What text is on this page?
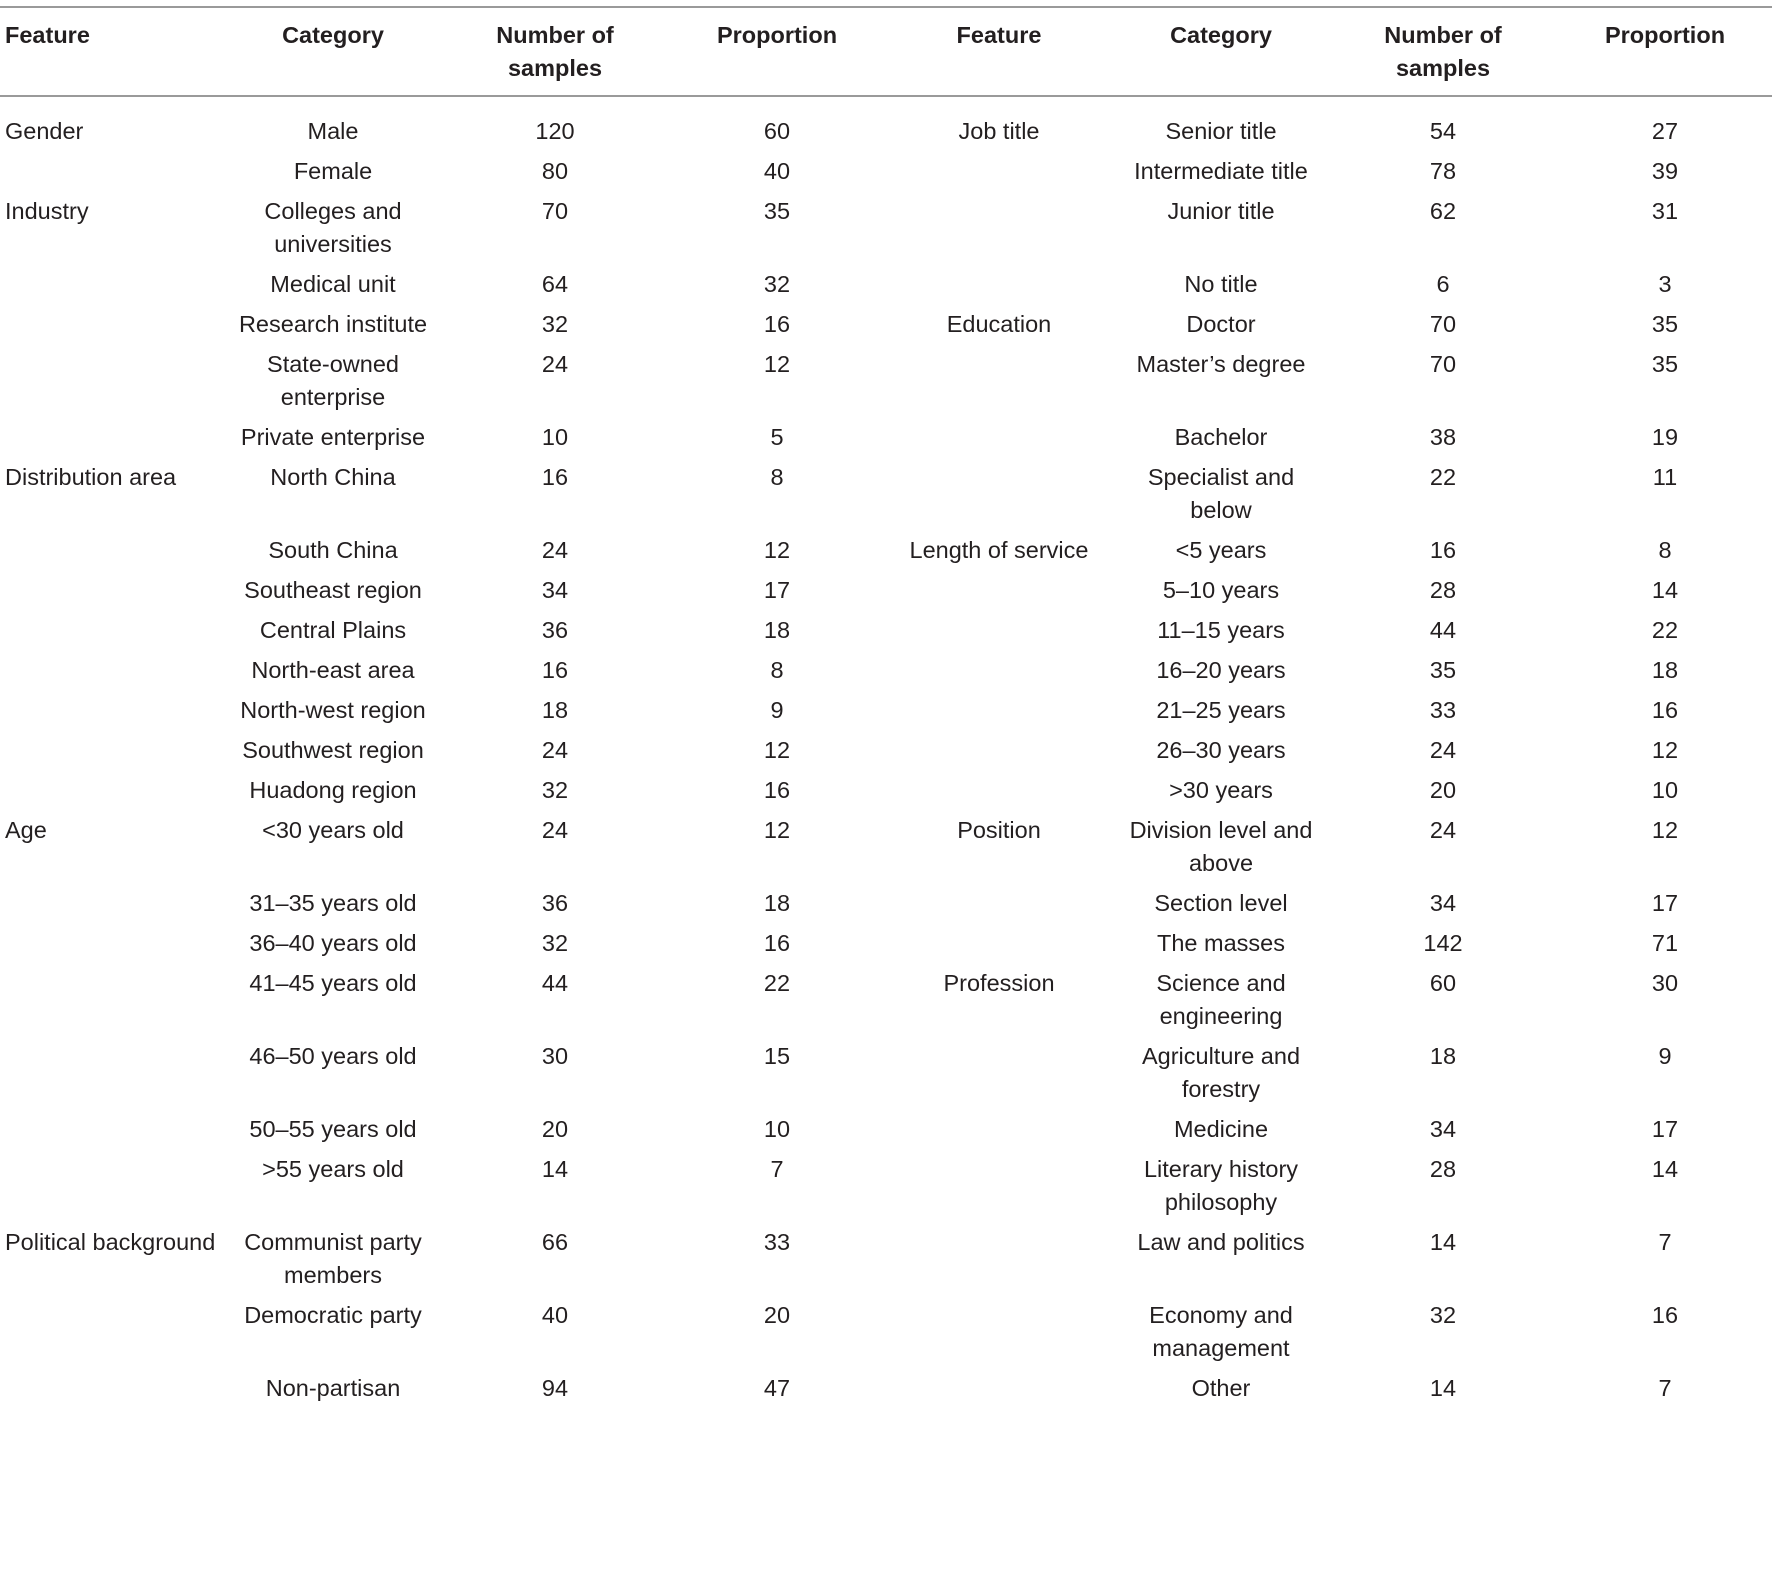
Feature	Category	Number of samples	Proportion	Feature	Category	Number of samples	Proportion
Gender	Male	120	60	Job title	Senior title	54	27
	Female	80	40		Intermediate title	78	39
Industry	Colleges and universities	70	35		Junior title	62	31
	Medical unit	64	32		No title	6	3
	Research institute	32	16	Education	Doctor	70	35
	State-owned enterprise	24	12		Master’s degree	70	35
	Private enterprise	10	5		Bachelor	38	19
Distribution area	North China	16	8		Specialist and below	22	11
	South China	24	12	Length of service	<5 years	16	8
	Southeast region	34	17		5–10 years	28	14
	Central Plains	36	18		11–15 years	44	22
	North-east area	16	8		16–20 years	35	18
	North-west region	18	9		21–25 years	33	16
	Southwest region	24	12		26–30 years	24	12
	Huadong region	32	16		>30 years	20	10
Age	<30 years old	24	12	Position	Division level and above	24	12
	31–35 years old	36	18		Section level	34	17
	36–40 years old	32	16		The masses	142	71
	41–45 years old	44	22	Profession	Science and engineering	60	30
	46–50 years old	30	15		Agriculture and forestry	18	9
	50–55 years old	20	10		Medicine	34	17
	>55 years old	14	7		Literary history philosophy	28	14
Political background	Communist party members	66	33		Law and politics	14	7
	Democratic party	40	20		Economy and management	32	16
	Non-partisan	94	47		Other	14	7
